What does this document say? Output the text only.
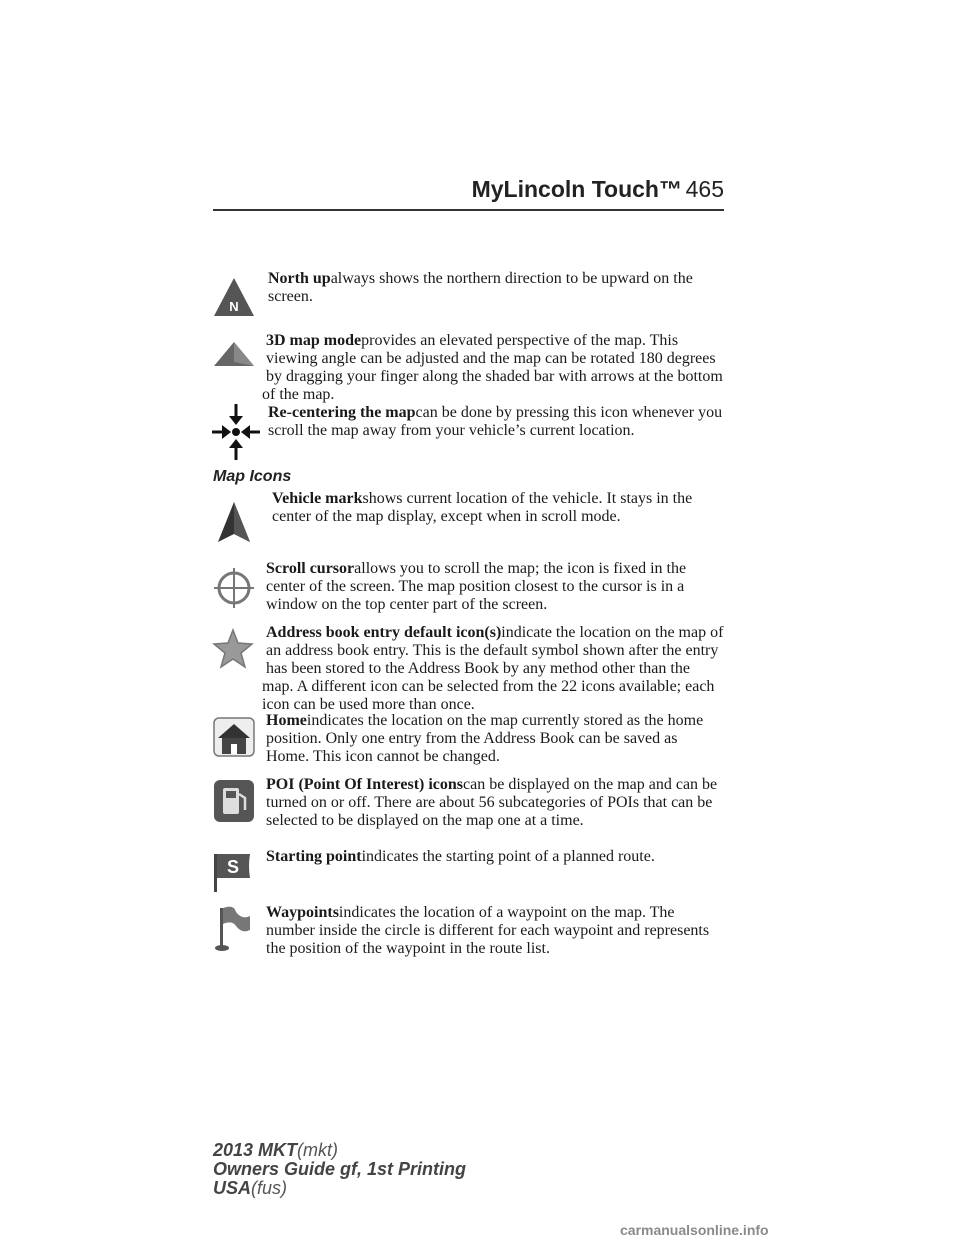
MyLincoln Touch™ 465
N

North upalways shows the northern direction to be upward on the screen.

3D map modeprovides an elevated perspective of the map. This viewing angle can be adjusted and the map can be rotated 180 degrees by dragging your finger along the shaded bar with arrows at the bottom of the map.

Re-centering the mapcan be done by pressing this icon whenever you scroll the map away from your vehicle’s current location.

Map Icons

Vehicle markshows current location of the vehicle. It stays in the center of the map display, except when in scroll mode.

Scroll cursorallows you to scroll the map; the icon is fixed in the center of the screen. The map position closest to the cursor is in a window on the top center part of the screen.

Address book entry default icon(s)indicate the location on the map of an address book entry. This is the default symbol shown after the entry has been stored to the Address Book by any method other than the map. A different icon can be selected from the 22 icons available; each icon can be used more than once.

Homeindicates the location on the map currently stored as the home position. Only one entry from the Address Book can be saved as Home. This icon cannot be changed.

POI (Point Of Interest) iconscan be displayed on the map and can be turned on or off. There are about 56 subcategories of POIs that can be selected to be displayed on the map one at a time.

S

Starting pointindicates the starting point of a planned route.

Waypointsindicates the location of a waypoint on the map. The number inside the circle is different for each waypoint and represents the position of the waypoint in the route list.

2013 MKT(mkt)
Owners Guide gf, 1st Printing
USA(fus)
carmanualsonline.info
